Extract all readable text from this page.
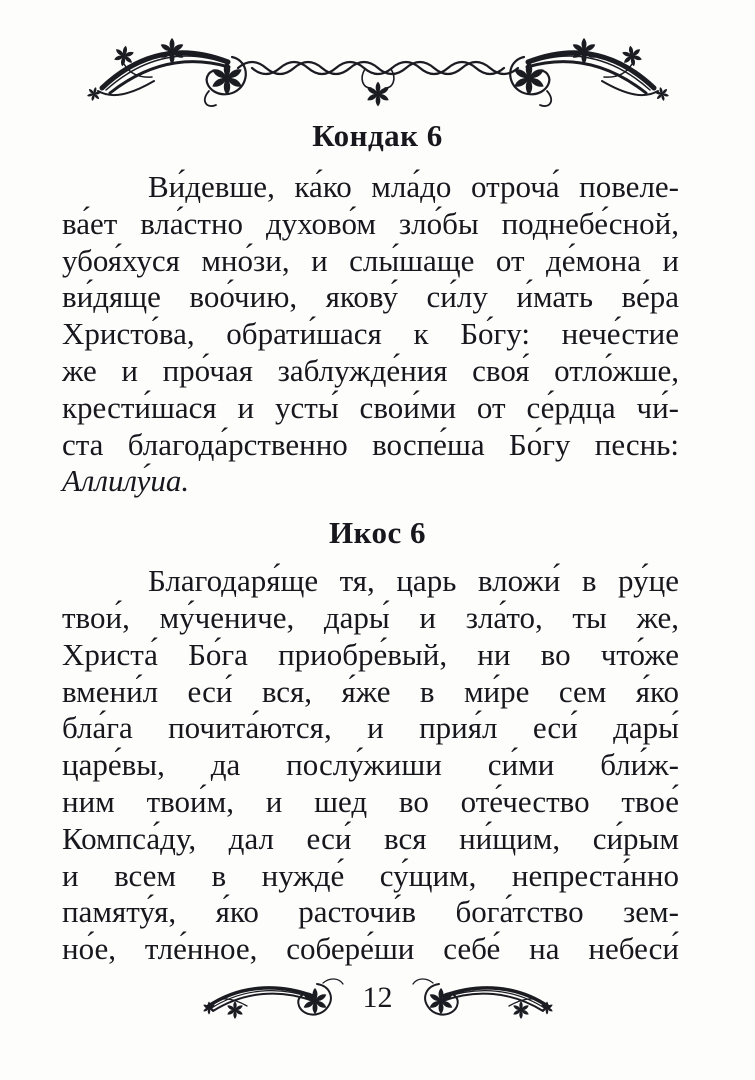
Кондак 6
Ви́девше, ка́ко мла́до отроча́ повеле-
ва́ет вла́стно духово́м зло́бы поднебе́сной,
убоя́хуся мно́зи, и слы́шаще от де́мона и
ви́дяще воо́чию, якову́ си́лу и́мать ве́ра
Христо́ва, обрати́шася к Бо́гу: нече́стие
же и про́чая заблужде́ния своя́ отло́жше,
крести́шася и усты́ свои́ми от се́рдца чи́-
ста благода́рственно воспе́ша Бо́гу песнь:
Аллилу́иа.
Икос 6
Благодаря́ще тя, царь вложи́ в ру́це
твои́, му́чениче, дары́ и зла́то, ты же,
Христа́ Бо́га приобре́вый, ни во что́же
вмени́л еси́ вся, я́же в ми́ре сем я́ко
бла́га почита́ются, и прия́л еси́ дары́
царе́вы, да послу́жиши си́ми бли́ж-
ним твои́м, и шед во оте́чество твое́
Компса́ду, дал еси́ вся ни́щим, си́рым
и всем в нужде́ су́щим, непреста́нно
памяту́я, я́ко расточи́в бога́тство зем-
но́е, тле́нное, собере́ши себе́ на небеси́
12
